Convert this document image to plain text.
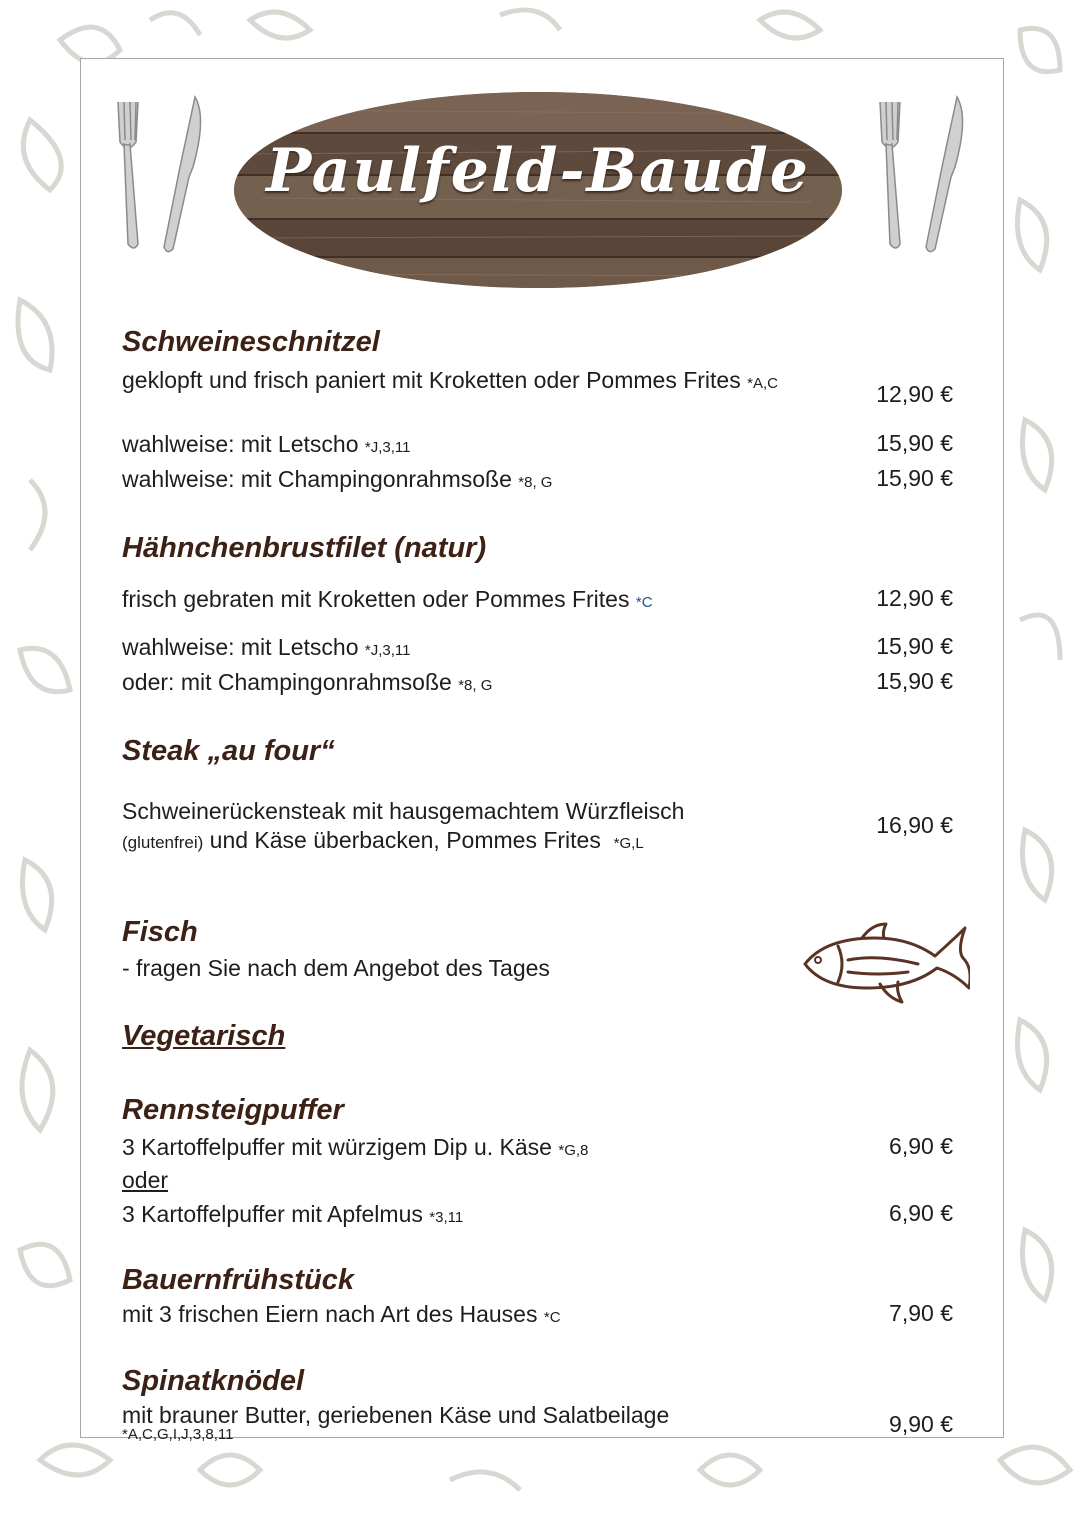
Paulfeld-Baude
Schweineschnitzel
geklopft und frisch paniert mit Kroketten oder Pommes Frites *A,C	12,90 €
wahlweise: mit Letscho *J,3,11	15,90 €
wahlweise: mit Champingonrahmsoße *8, G	15,90 €
Hähnchenbrustfilet (natur)
frisch gebraten mit Kroketten oder Pommes Frites *C	12,90 €
wahlweise: mit Letscho *J,3,11	15,90 €
oder: mit Champingonrahmsoße *8, G	15,90 €
Steak „au four“
Schweinerückensteak mit hausgemachtem Würzfleisch
(glutenfrei) und Käse überbacken, Pommes Frites *G,L
16,90 €
Fisch
- fragen Sie nach dem Angebot des Tages
Vegetarisch
Rennsteigpuffer
3 Kartoffelpuffer mit würzigem Dip u. Käse *G,8	6,90 €
oder
3 Kartoffelpuffer mit Apfelmus *3,11	6,90 €
Bauernfrühstück
mit 3 frischen Eiern nach Art des Hauses *C	7,90 €
Spinatknödel
mit brauner Butter, geriebenen Käse und Salatbeilage
*A,C,G,I,J,3,8,11	9,90 €
